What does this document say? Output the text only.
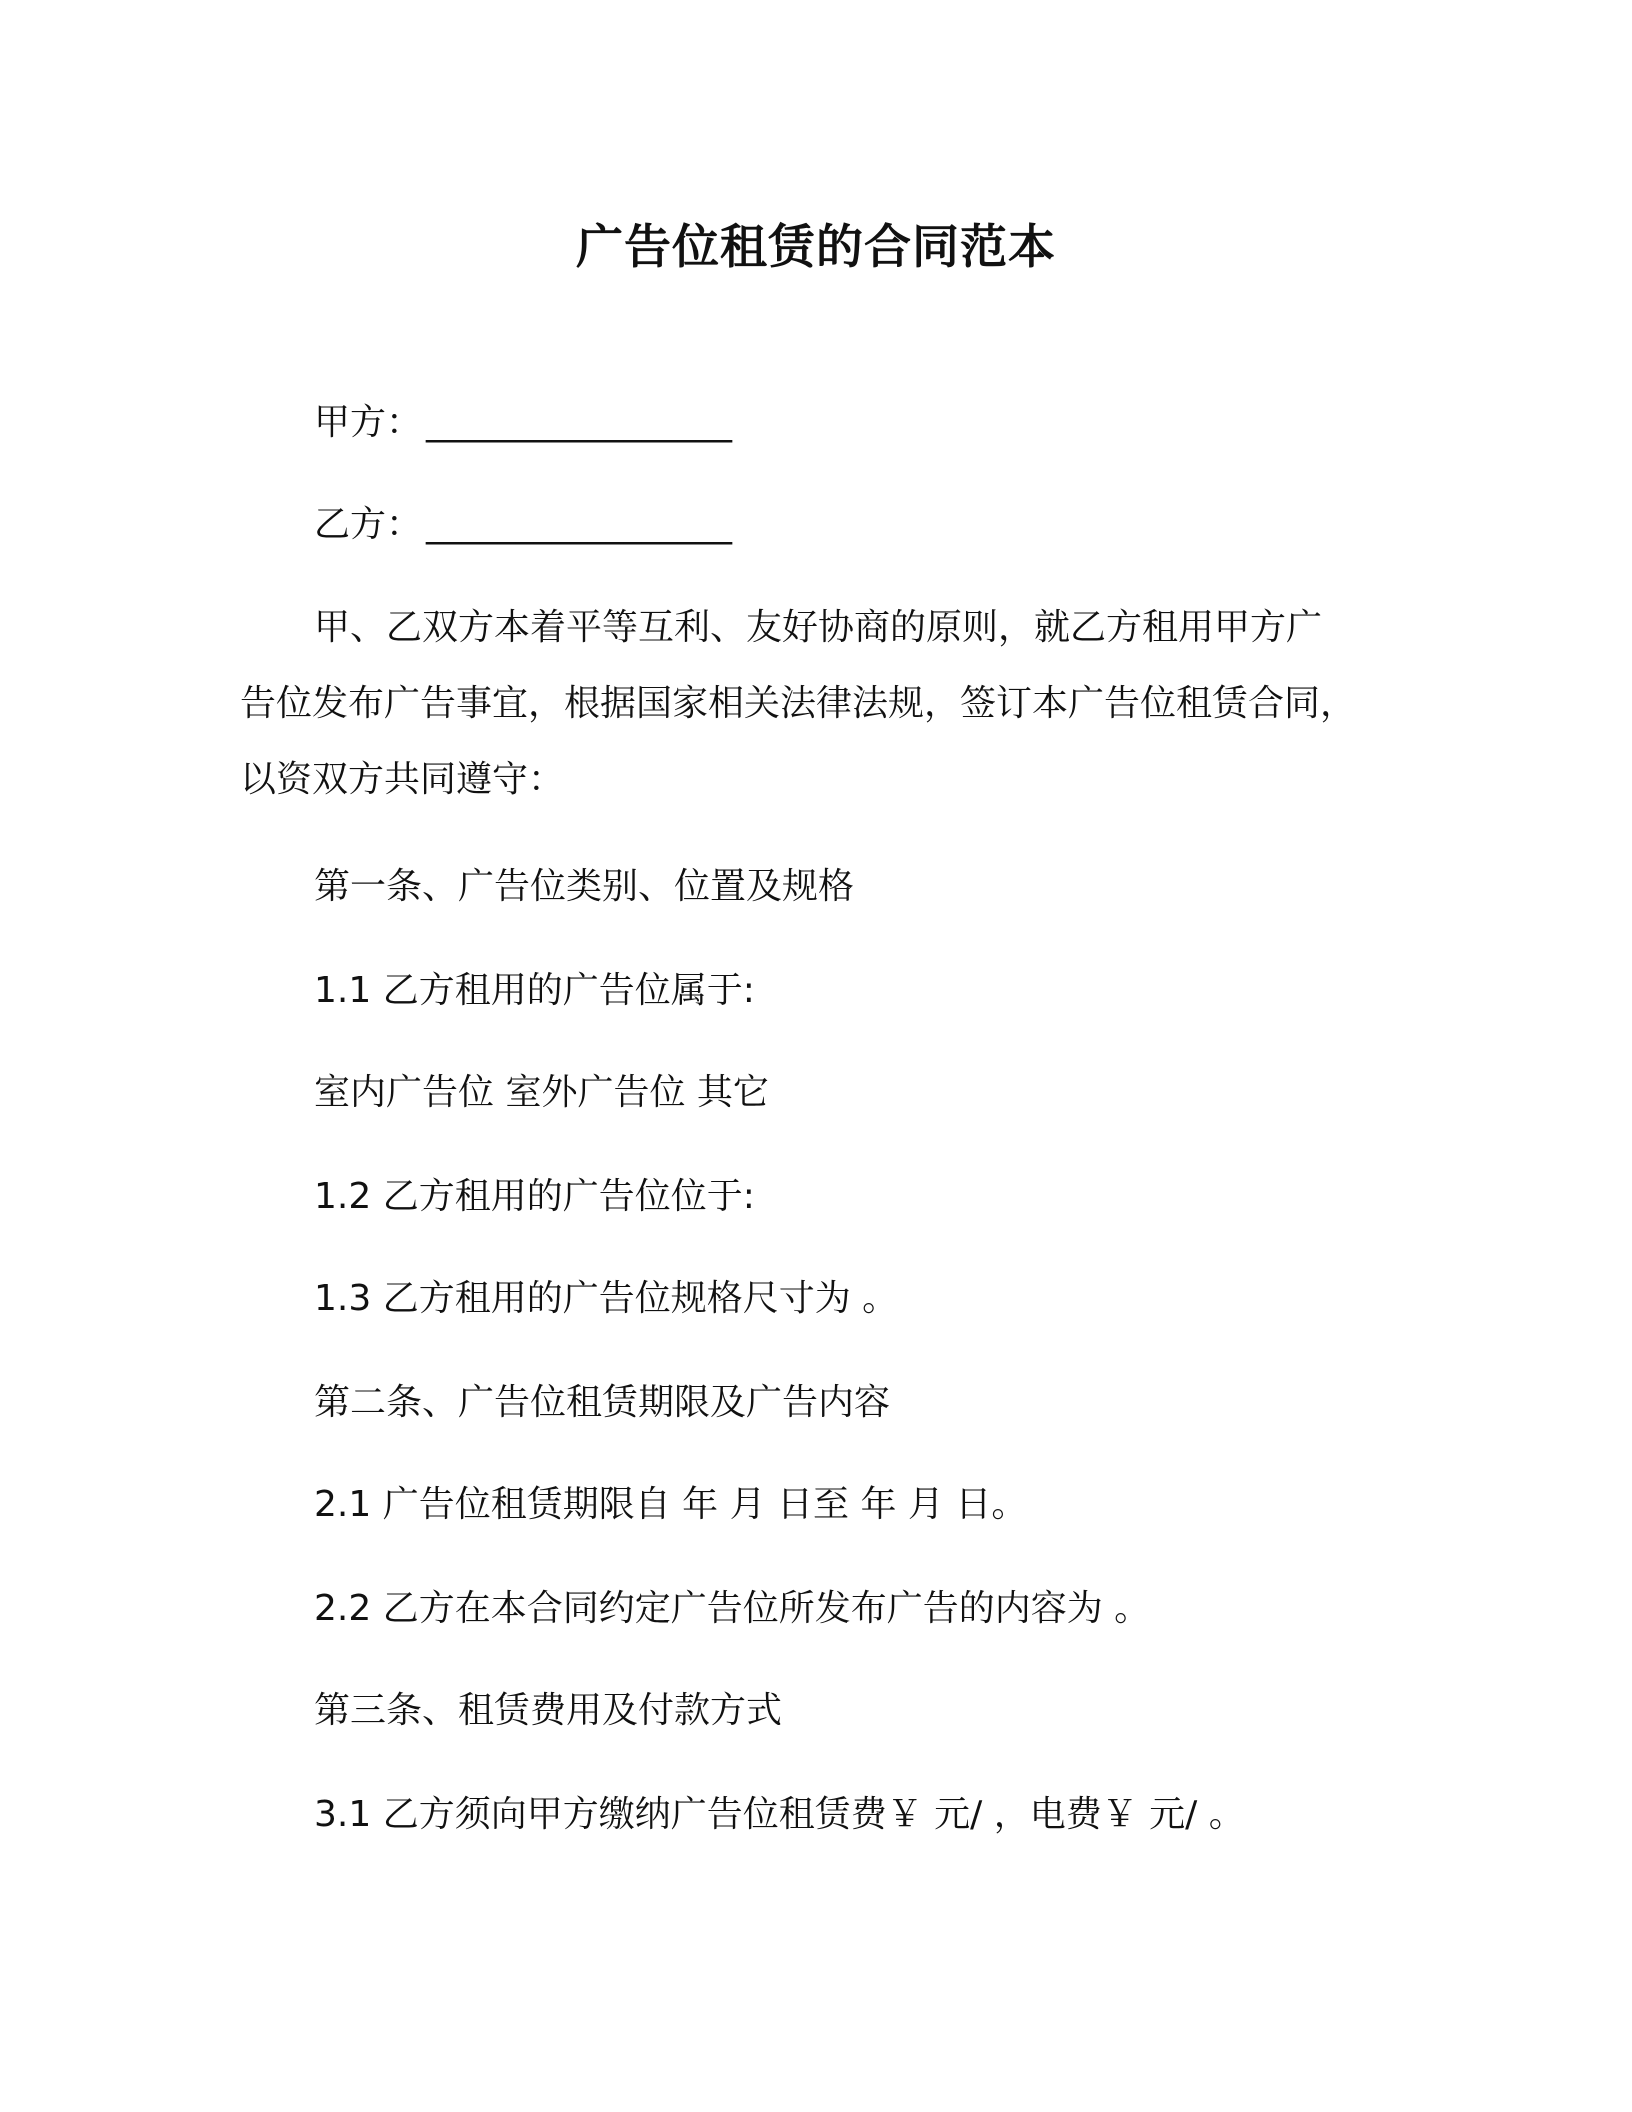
广告位租赁的合同范本
甲方： _________________
乙方： _________________
甲、乙双方本着平等互利、友好协商的原则，就乙方租用甲方广
告位发布广告事宜，根据国家相关法律法规，签订本广告位租赁合同，
以资双方共同遵守：
第一条、广告位类别、位置及规格
1.1 乙方租用的广告位属于:
室内广告位 室外广告位 其它
1.2 乙方租用的广告位位于:
1.3 乙方租用的广告位规格尺寸为 。
第二条、广告位租赁期限及广告内容
2.1 广告位租赁期限自 年 月 日至 年 月 日。
2.2 乙方在本合同约定广告位所发布广告的内容为 。
第三条、租赁费用及付款方式
3.1 乙方须向甲方缴纳广告位租赁费￥ 元/ ，电费￥ 元/ 。
